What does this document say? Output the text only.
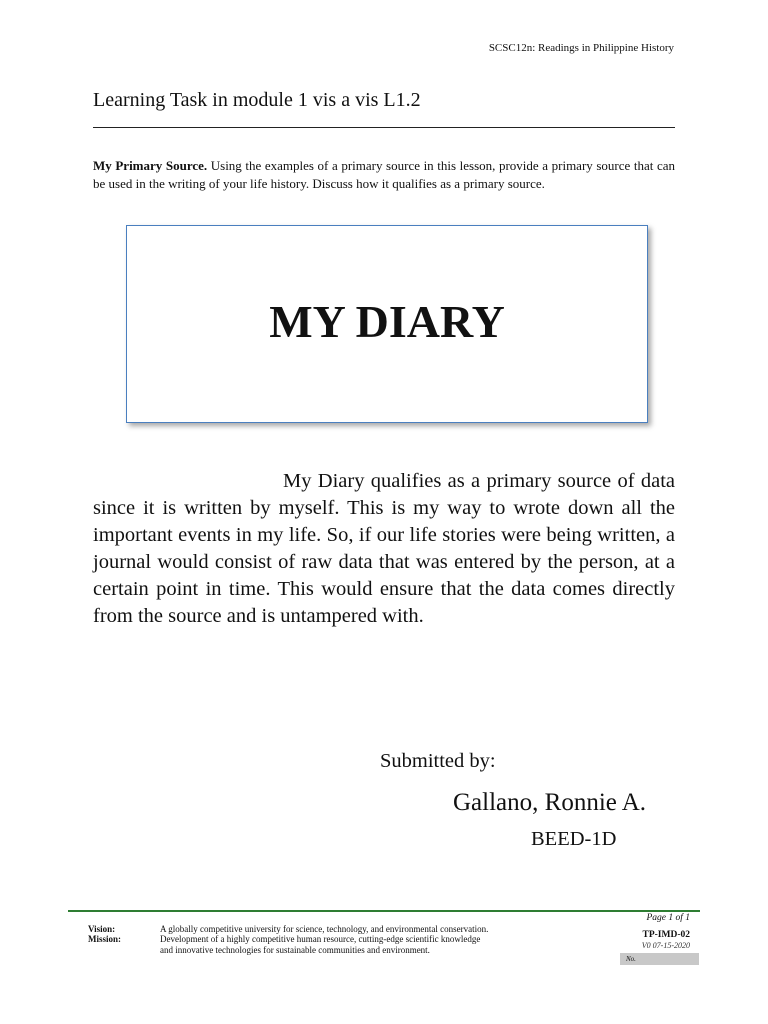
SCSC12n: Readings in Philippine History
Learning Task in module 1 vis a vis L1.2
My Primary Source. Using the examples of a primary source in this lesson, provide a primary source that can be used in the writing of your life history. Discuss how it qualifies as a primary source.
MY DIARY
My Diary qualifies as a primary source of data since it is written by myself. This is my way to wrote down all the important events in my life. So, if our life stories were being written, a journal would consist of raw data that was entered by the person, at a certain point in time. This would ensure that the data comes directly from the source and is untampered with.
Submitted by:
Gallano, Ronnie A.
BEED-1D
Page 1 of 1
Vision:	A globally competitive university for science, technology, and environmental conservation.
Mission:	Development of a highly competitive human resource, cutting-edge scientific knowledge
and innovative technologies for sustainable communities and environment.
TP-IMD-02
V0 07-15-2020
No.
